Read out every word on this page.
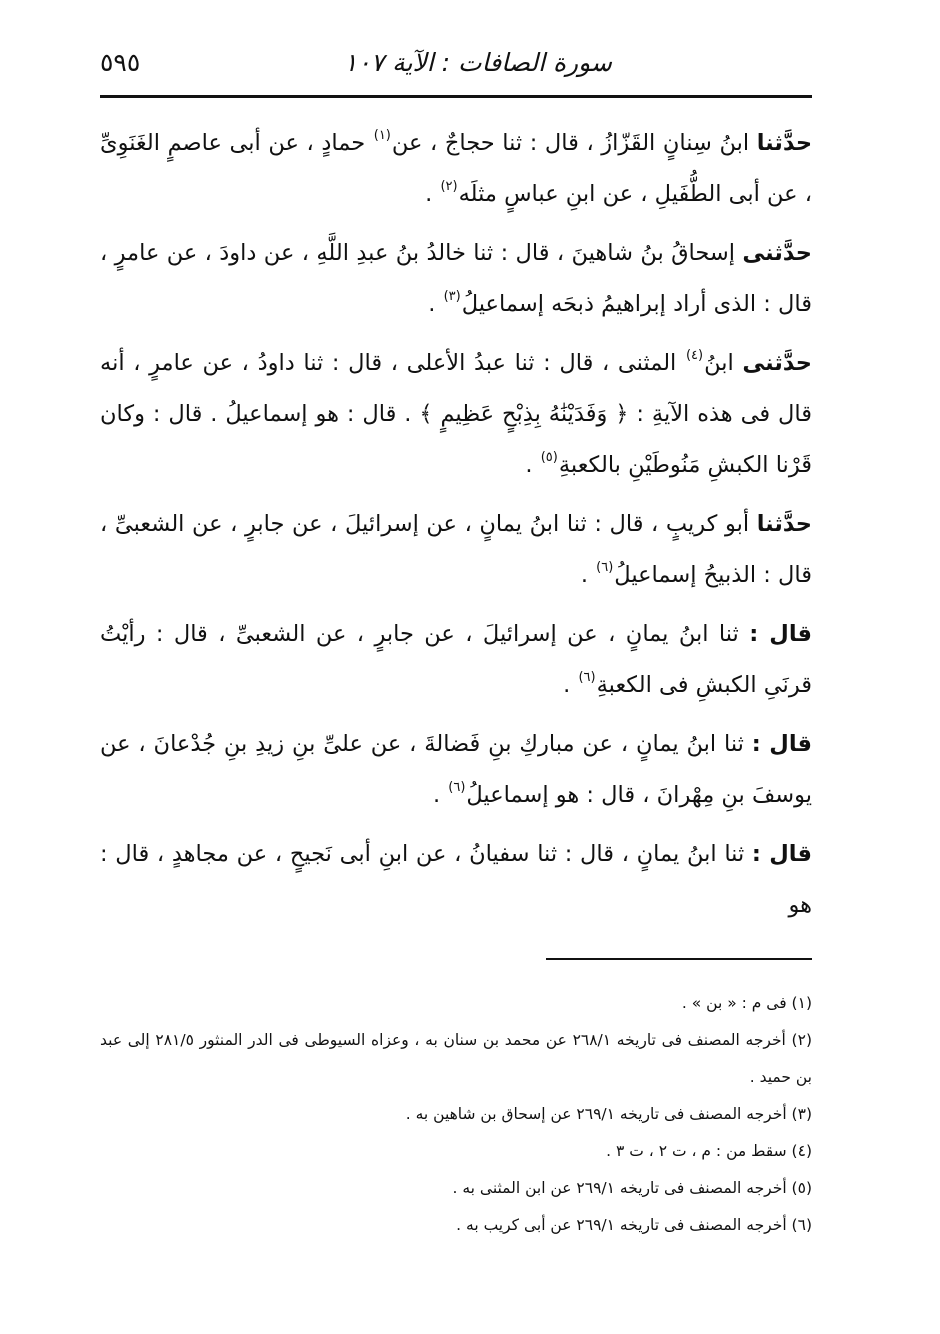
سورة الصافات : الآية ١٠٧
٥٩٥

حدَّثنا ابنُ سِنانٍ القَزّازُ ، قال : ثنا حجاجٌ ، عن$^{(١)}$ حمادٍ ، عن أبى عاصمٍ الغَنَوِىِّ ، عن أبى الطُّفَيلِ ، عن ابنِ عباسٍ مثلَه$^{(٢)}$ .

حدَّثنى إسحاقُ بنُ شاهينَ ، قال : ثنا خالدُ بنُ عبدِ اللَّهِ ، عن داودَ ، عن عامرٍ ، قال : الذى أراد إبراهيمُ ذبحَه إسماعيلُ$^{(٣)}$ .

حدَّثنى ابنُ$^{(٤)}$ المثنى ، قال : ثنا عبدُ الأعلى ، قال : ثنا داودُ ، عن عامرٍ ، أنه قال فى هذه الآيةِ : ﴿ وَفَدَيْنَٰهُ بِذِبْحٍ عَظِيمٍ ﴾ . قال : هو إسماعيلُ . قال : وكان قَرْنا الكبشِ مَنُوطَيْنِ بالكعبةِ$^{(٥)}$ .

حدَّثنا أبو كريبٍ ، قال : ثنا ابنُ يمانٍ ، عن إسرائيلَ ، عن جابرٍ ، عن الشعبىِّ ، قال : الذبيحُ إسماعيلُ$^{(٦)}$ .

قال : ثنا ابنُ يمانٍ ، عن إسرائيلَ ، عن جابرٍ ، عن الشعبىِّ ، قال : رأيْتُ قرنَىِ الكبشِ فى الكعبةِ$^{(٦)}$ .

قال : ثنا ابنُ يمانٍ ، عن مباركِ بنِ فَضالةَ ، عن علىِّ بنِ زيدِ بنِ جُدْعانَ ، عن يوسفَ بنِ مِهْرانَ ، قال : هو إسماعيلُ$^{(٦)}$ .

قال : ثنا ابنُ يمانٍ ، قال : ثنا سفيانُ ، عن ابنِ أبى نَجيحٍ ، عن مجاهدٍ ، قال : هو

(١) فى م : « بن » .

(٢) أخرجه المصنف فى تاريخه ٢٦٨/١ عن محمد بن سنان به ، وعزاه السيوطى فى الدر المنثور ٢٨١/٥ إلى عبد بن حميد .

(٣) أخرجه المصنف فى تاريخه ٢٦٩/١ عن إسحاق بن شاهين به .

(٤) سقط من : م ، ت ٢ ، ت ٣ .

(٥) أخرجه المصنف فى تاريخه ٢٦٩/١ عن ابن المثنى به .

(٦) أخرجه المصنف فى تاريخه ٢٦٩/١ عن أبى كريب به .
